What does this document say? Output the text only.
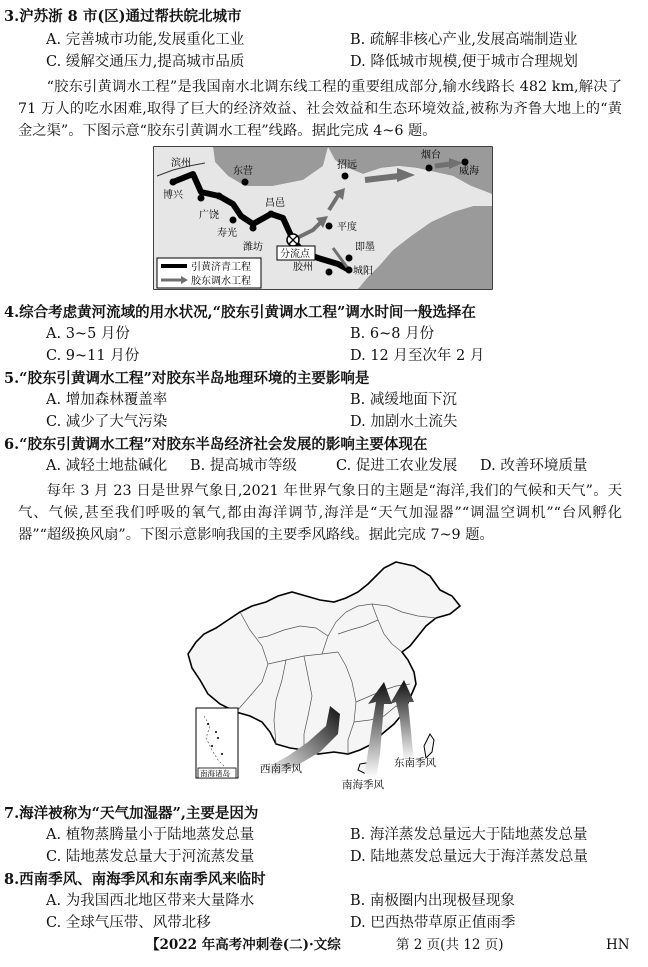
3.沪苏浙 8 市(区)通过帮扶皖北城市
A. 完善城市功能,发展重化工业	B. 疏解非核心产业,发展高端制造业
C. 缓解交通压力,提高城市品质	D. 降低城市规模,便于城市合理规划
“胶东引黄调水工程”是我国南水北调东线工程的重要组成部分,输水线路长 482 km,解决了 71 万人的吃水困难,取得了巨大的经济效益、社会效益和生态环境效益,被称为齐鲁大地上的“黄金之渠”。下图示意“胶东引黄调水工程”线路。据此完成 4~6 题。
滨州
博兴
东营
广饶
寿光
潍坊
昌邑
平度
招远
烟台
威海
即墨
胶州	城阳
分流点
引黄济青工程
胶东调水工程
4.综合考虑黄河流域的用水状况,“胶东引黄调水工程”调水时间一般选择在
A. 3~5 月份	B. 6~8 月份
C. 9~11 月份	D. 12 月至次年 2 月
5.“胶东引黄调水工程”对胶东半岛地理环境的主要影响是
A. 增加森林覆盖率	B. 减缓地面下沉
C. 减少了大气污染	D. 加剧水土流失
6.“胶东引黄调水工程”对胶东半岛经济社会发展的影响主要体现在
A. 减轻土地盐碱化 B. 提高城市等级	C. 促进工农业发展 D. 改善环境质量
每年 3 月 23 日是世界气象日,2021 年世界气象日的主题是“海洋,我们的气候和天气”。天气、气候,甚至我们呼吸的氧气,都由海洋调节,海洋是“天气加湿器”“调温空调机”“台风孵化器”“超级换风扇”。下图示意影响我国的主要季风路线。据此完成 7~9 题。
南海诸岛	西南季风
南海季风
东南季风
7.海洋被称为“天气加湿器”,主要是因为
A. 植物蒸腾量小于陆地蒸发总量	B. 海洋蒸发总量远大于陆地蒸发总量
C. 陆地蒸发总量大于河流蒸发量	D. 陆地蒸发总量远大于海洋蒸发总量
8.西南季风、南海季风和东南季风来临时
A. 为我国西北地区带来大量降水	B. 南极圈内出现极昼现象
C. 全球气压带、风带北移	D. 巴西热带草原正值雨季
【2022 年高考冲刺卷(二)·文综	第 2 页(共 12 页)	HN
